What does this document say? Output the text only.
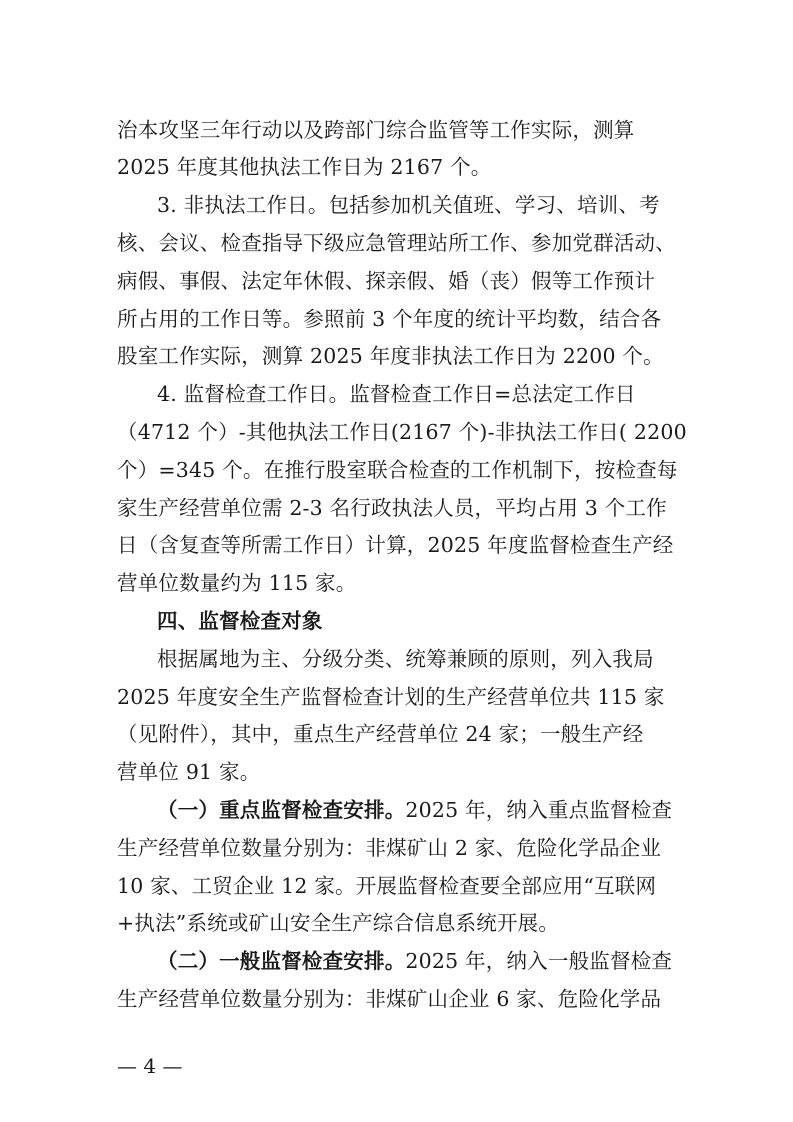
治本攻坚三年行动以及跨部门综合监管等工作实际，测算
2025 年度其他执法工作日为 2167 个。
3. 非执法工作日。包括参加机关值班、学习、培训、考
核、会议、检查指导下级应急管理站所工作、参加党群活动、
病假、事假、法定年休假、探亲假、婚（丧）假等工作预计
所占用的工作日等。参照前 3 个年度的统计平均数，结合各
股室工作实际，测算 2025 年度非执法工作日为 2200 个。
4. 监督检查工作日。监督检查工作日=总法定工作日
（4712 个）-其他执法工作日(2167 个)-非执法工作日( 2200
个）=345 个。在推行股室联合检查的工作机制下，按检查每
家生产经营单位需 2-3 名行政执法人员，平均占用 3 个工作
日（含复查等所需工作日）计算，2025 年度监督检查生产经
营单位数量约为 115 家。
四、监督检查对象
根据属地为主、分级分类、统筹兼顾的原则，列入我局
2025 年度安全生产监督检查计划的生产经营单位共 115 家
（见附件），其中，重点生产经营单位 24 家；一般生产经
营单位 91 家。
（一）重点监督检查安排。2025 年，纳入重点监督检查
生产经营单位数量分别为：非煤矿山 2 家、危险化学品企业
10 家、工贸企业 12 家。开展监督检查要全部应用“互联网
+执法”系统或矿山安全生产综合信息系统开展。
（二）一般监督检查安排。2025 年，纳入一般监督检查
生产经营单位数量分别为：非煤矿山企业 6 家、危险化学品
— 4 —
